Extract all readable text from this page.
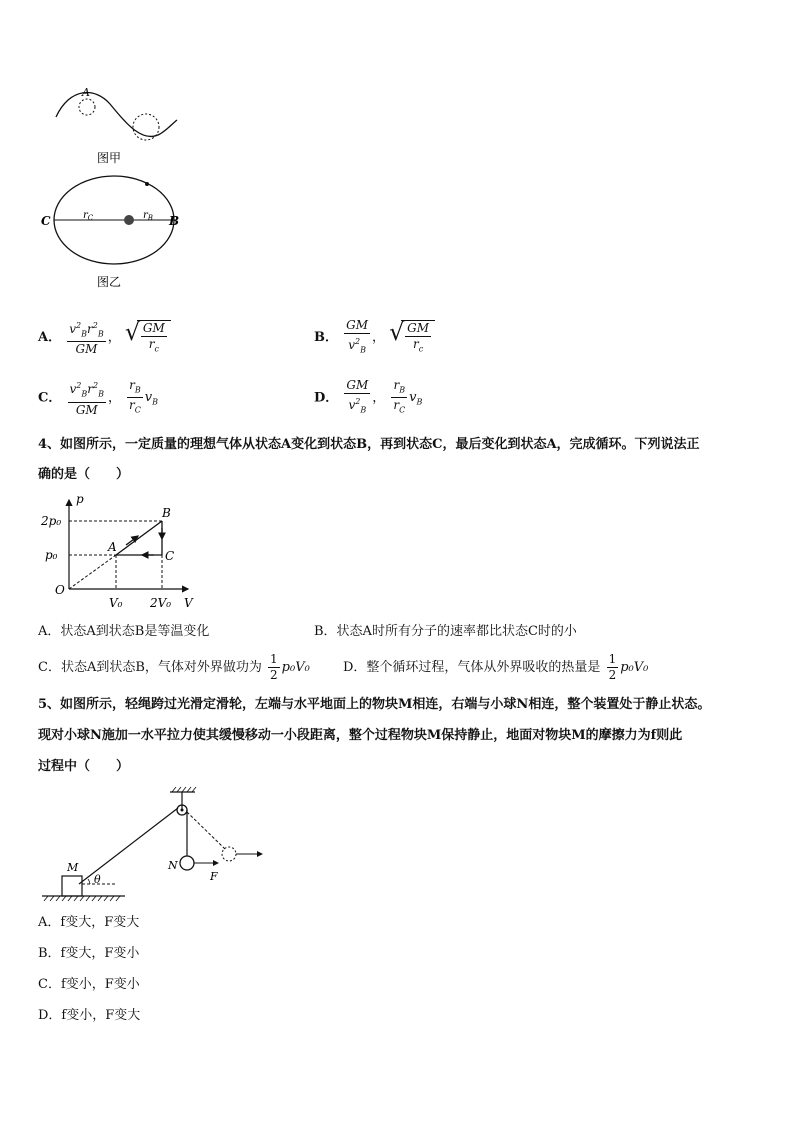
A
图甲
C	B
$r_C$	$r_B$
图乙
A． $\frac{v^2_Br^2_B}{GM}$ ， √ $\frac{GM}{r_c}$	B． $\frac{GM}{v^2_B}$ ， √ $\frac{GM}{r_c}$
C． $\frac{v^2_Br^2_B}{GM}$ ， $\frac{r_B}{r_C} v_B$	D． $\frac{GM}{v^2_B}$ ， $\frac{r_B}{r_C} v_B$
4、如图所示，一定质量的理想气体从状态A变化到状态B，再到状态C，最后变化到状态A，完成循环。下列说法正
确的是（　　）
p
V
O
2p₀
p₀
V₀ 2V₀
A
B
C
A．状态A到状态B是等温变化	B．状态A时所有分子的速率都比状态C时的小
C．状态A到状态B，气体对外界做功为 $\frac{1}{2} p_0V_0$	D．整个循环过程，气体从外界吸收的热量是 $\frac{1}{2} p_0V_0$
5、如图所示，轻绳跨过光滑定滑轮，左端与水平地面上的物块M相连，右端与小球N相连，整个装置处于静止状态。
现对小球N施加一水平拉力使其缓慢移动一小段距离，整个过程物块M保持静止，地面对物块M的摩擦力为f则此
过程中（　　）
M
θ
N
F
A．f变大，F变大
B．f变大，F变小
C．f变小，F变小
D．f变小，F变大
